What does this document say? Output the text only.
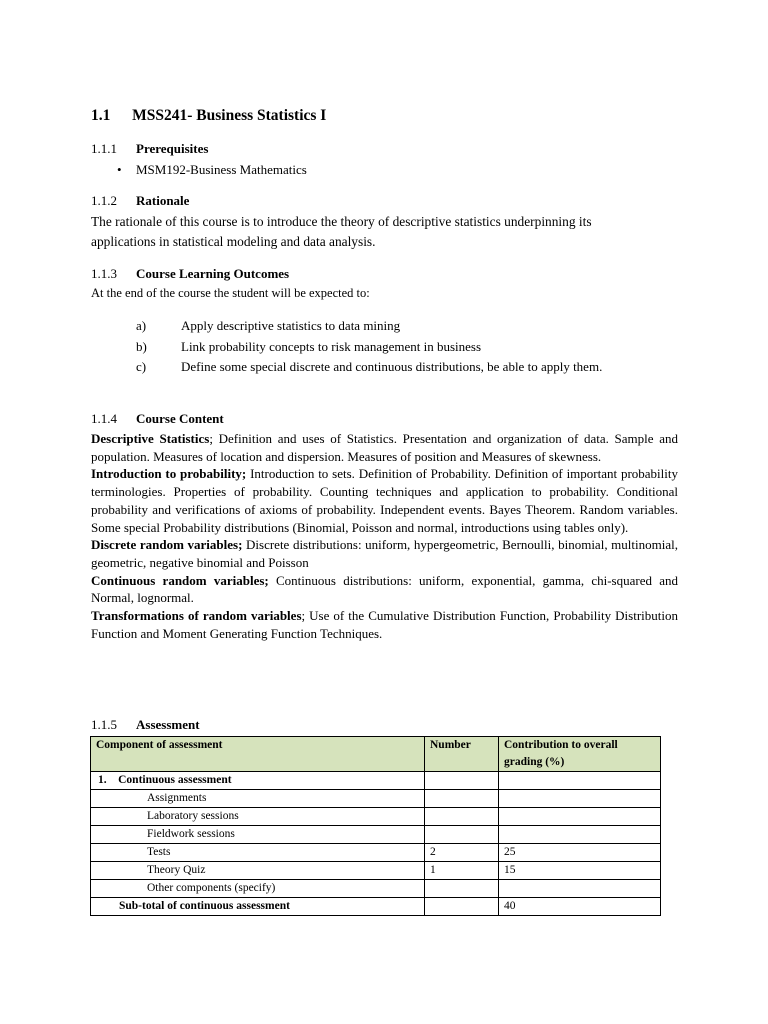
1.1 MSS241- Business Statistics I
1.1.1 Prerequisites
• MSM192-Business Mathematics
1.1.2 Rationale
The rationale of this course is to introduce the theory of descriptive statistics underpinning its
applications in statistical modeling and data analysis.
1.1.3 Course Learning Outcomes
At the end of the course the student will be expected to:
a)	Apply descriptive statistics to data mining
b)	Link probability concepts to risk management in business
c)	Define some special discrete and continuous distributions, be able to apply them.
1.1.4 Course Content
Descriptive Statistics; Definition and uses of Statistics. Presentation and organization of data. Sample and population. Measures of location and dispersion. Measures of position and Measures of skewness.
Introduction to probability; Introduction to sets. Definition of Probability. Definition of important probability terminologies. Properties of probability. Counting techniques and application to probability. Conditional probability and verifications of axioms of probability. Independent events. Bayes Theorem. Random variables. Some special Probability distributions (Binomial, Poisson and normal, introductions using tables only).
Discrete random variables; Discrete distributions: uniform, hypergeometric, Bernoulli, binomial, multinomial, geometric, negative binomial and Poisson
Continuous random variables; Continuous distributions: uniform, exponential, gamma, chi-squared and Normal, lognormal.
Transformations of random variables; Use of the Cumulative Distribution Function, Probability Distribution Function and Moment Generating Function Techniques.
1.1.5 Assessment
Component of assessment	Number	Contribution to overall grading (%)
1.    Continuous assessment		
Assignments		
Laboratory sessions		
Fieldwork sessions		
Tests	2	25
Theory Quiz	1	15
Other components (specify)		
Sub-total of continuous assessment		40
